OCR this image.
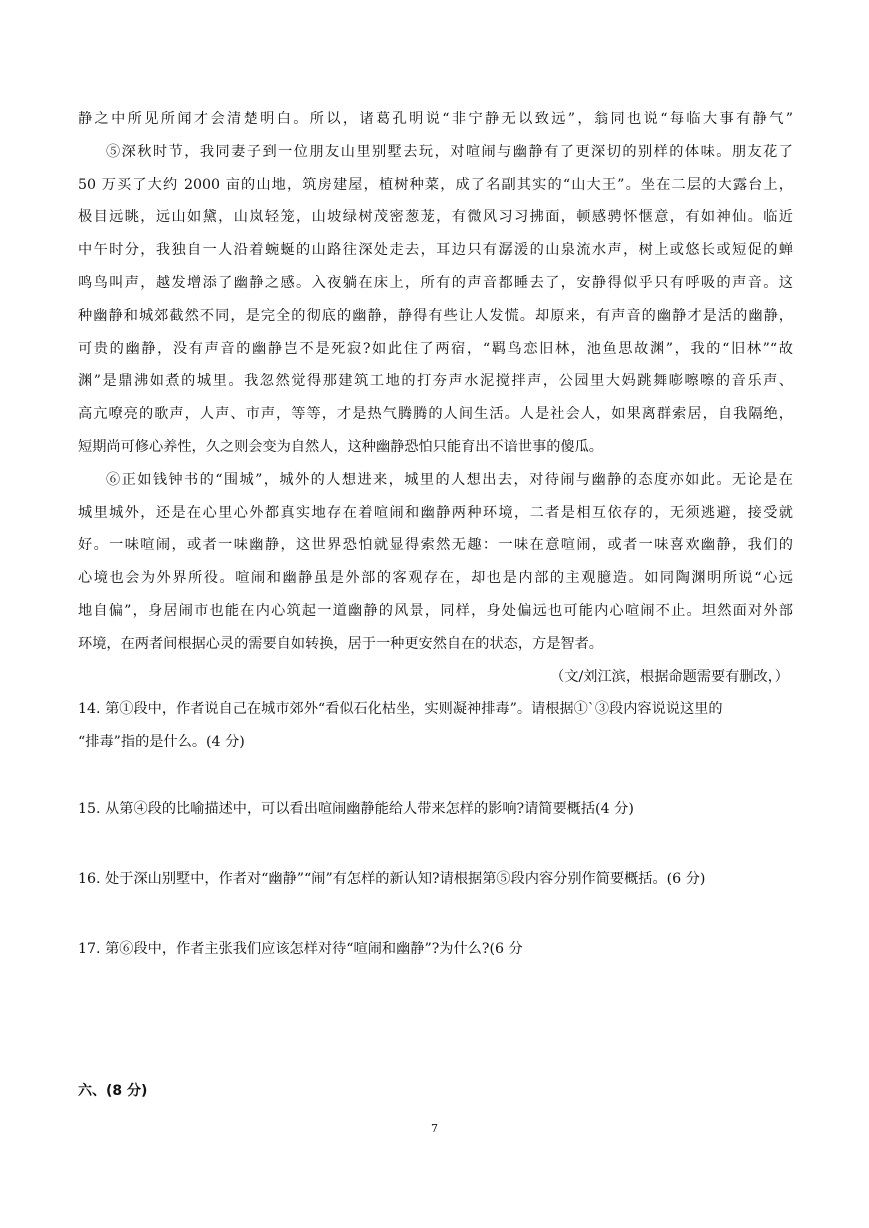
静之中所见所闻才会清楚明白。所以，诸葛孔明说“非宁静无以致远”，翁同也说“每临大事有静气”
⑤深秋时节，我同妻子到一位朋友山里别墅去玩，对喧闹与幽静有了更深切的别样的体味。朋友花了
50 万买了大约 2000 亩的山地，筑房建屋，植树种菜，成了名副其实的“山大王”。坐在二层的大露台上，
极目远眺，远山如黛，山岚轻笼，山坡绿树茂密葱茏，有微风习习拂面，顿感骋怀惬意，有如神仙。临近
中午时分，我独自一人沿着蜿蜒的山路往深处走去，耳边只有潺湲的山泉流水声，树上或悠长或短促的蝉
鸣鸟叫声，越发增添了幽静之感。入夜躺在床上，所有的声音都睡去了，安静得似乎只有呼吸的声音。这
种幽静和城郊截然不同，是完全的彻底的幽静，静得有些让人发慌。却原来，有声音的幽静才是活的幽静，
可贵的幽静，没有声音的幽静岂不是死寂?如此住了两宿，“羁鸟恋旧林，池鱼思故渊”，我的“旧林”“故
渊”是鼎沸如煮的城里。我忽然觉得那建筑工地的打夯声水泥搅拌声，公园里大妈跳舞嘭嚓嚓的音乐声、
高亢嘹亮的歌声，人声、市声，等等，才是热气腾腾的人间生活。人是社会人，如果离群索居，自我隔绝，
短期尚可修心养性，久之则会变为自然人，这种幽静恐怕只能育出不谙世事的傻瓜。
⑥正如钱钟书的“围城”，城外的人想进来，城里的人想出去，对待闹与幽静的态度亦如此。无论是在
城里城外，还是在心里心外都真实地存在着喧闹和幽静两种环境，二者是相互依存的，无须逃避，接受就
好。一味喧闹，或者一味幽静，这世界恐怕就显得索然无趣：一味在意喧闹，或者一味喜欢幽静，我们的
心境也会为外界所役。喧闹和幽静虽是外部的客观存在，却也是内部的主观臆造。如同陶渊明所说“心远
地自偏”，身居闹市也能在内心筑起一道幽静的风景，同样，身处偏远也可能内心喧闹不止。坦然面对外部
环境，在两者间根据心灵的需要自如转换，居于一种更安然自在的状态，方是智者。
（文/刘江滨，根据命题需要有删改，）
14. 第①段中，作者说自己在城市郊外“看似石化枯坐，实则凝神排毒”。请根据①`③段内容说说这里的
“排毒”指的是什么。(4 分)
15. 从第④段的比喻描述中，可以看出喧闹幽静能给人带来怎样的影响?请简要概括(4 分)
16. 处于深山别墅中，作者对“幽静”“闹”有怎样的新认知?请根据第⑤段内容分别作简要概括。(6 分)
17. 第⑥段中，作者主张我们应该怎样对待“喧闹和幽静”?为什么?(6 分
六、(8 分)
7
